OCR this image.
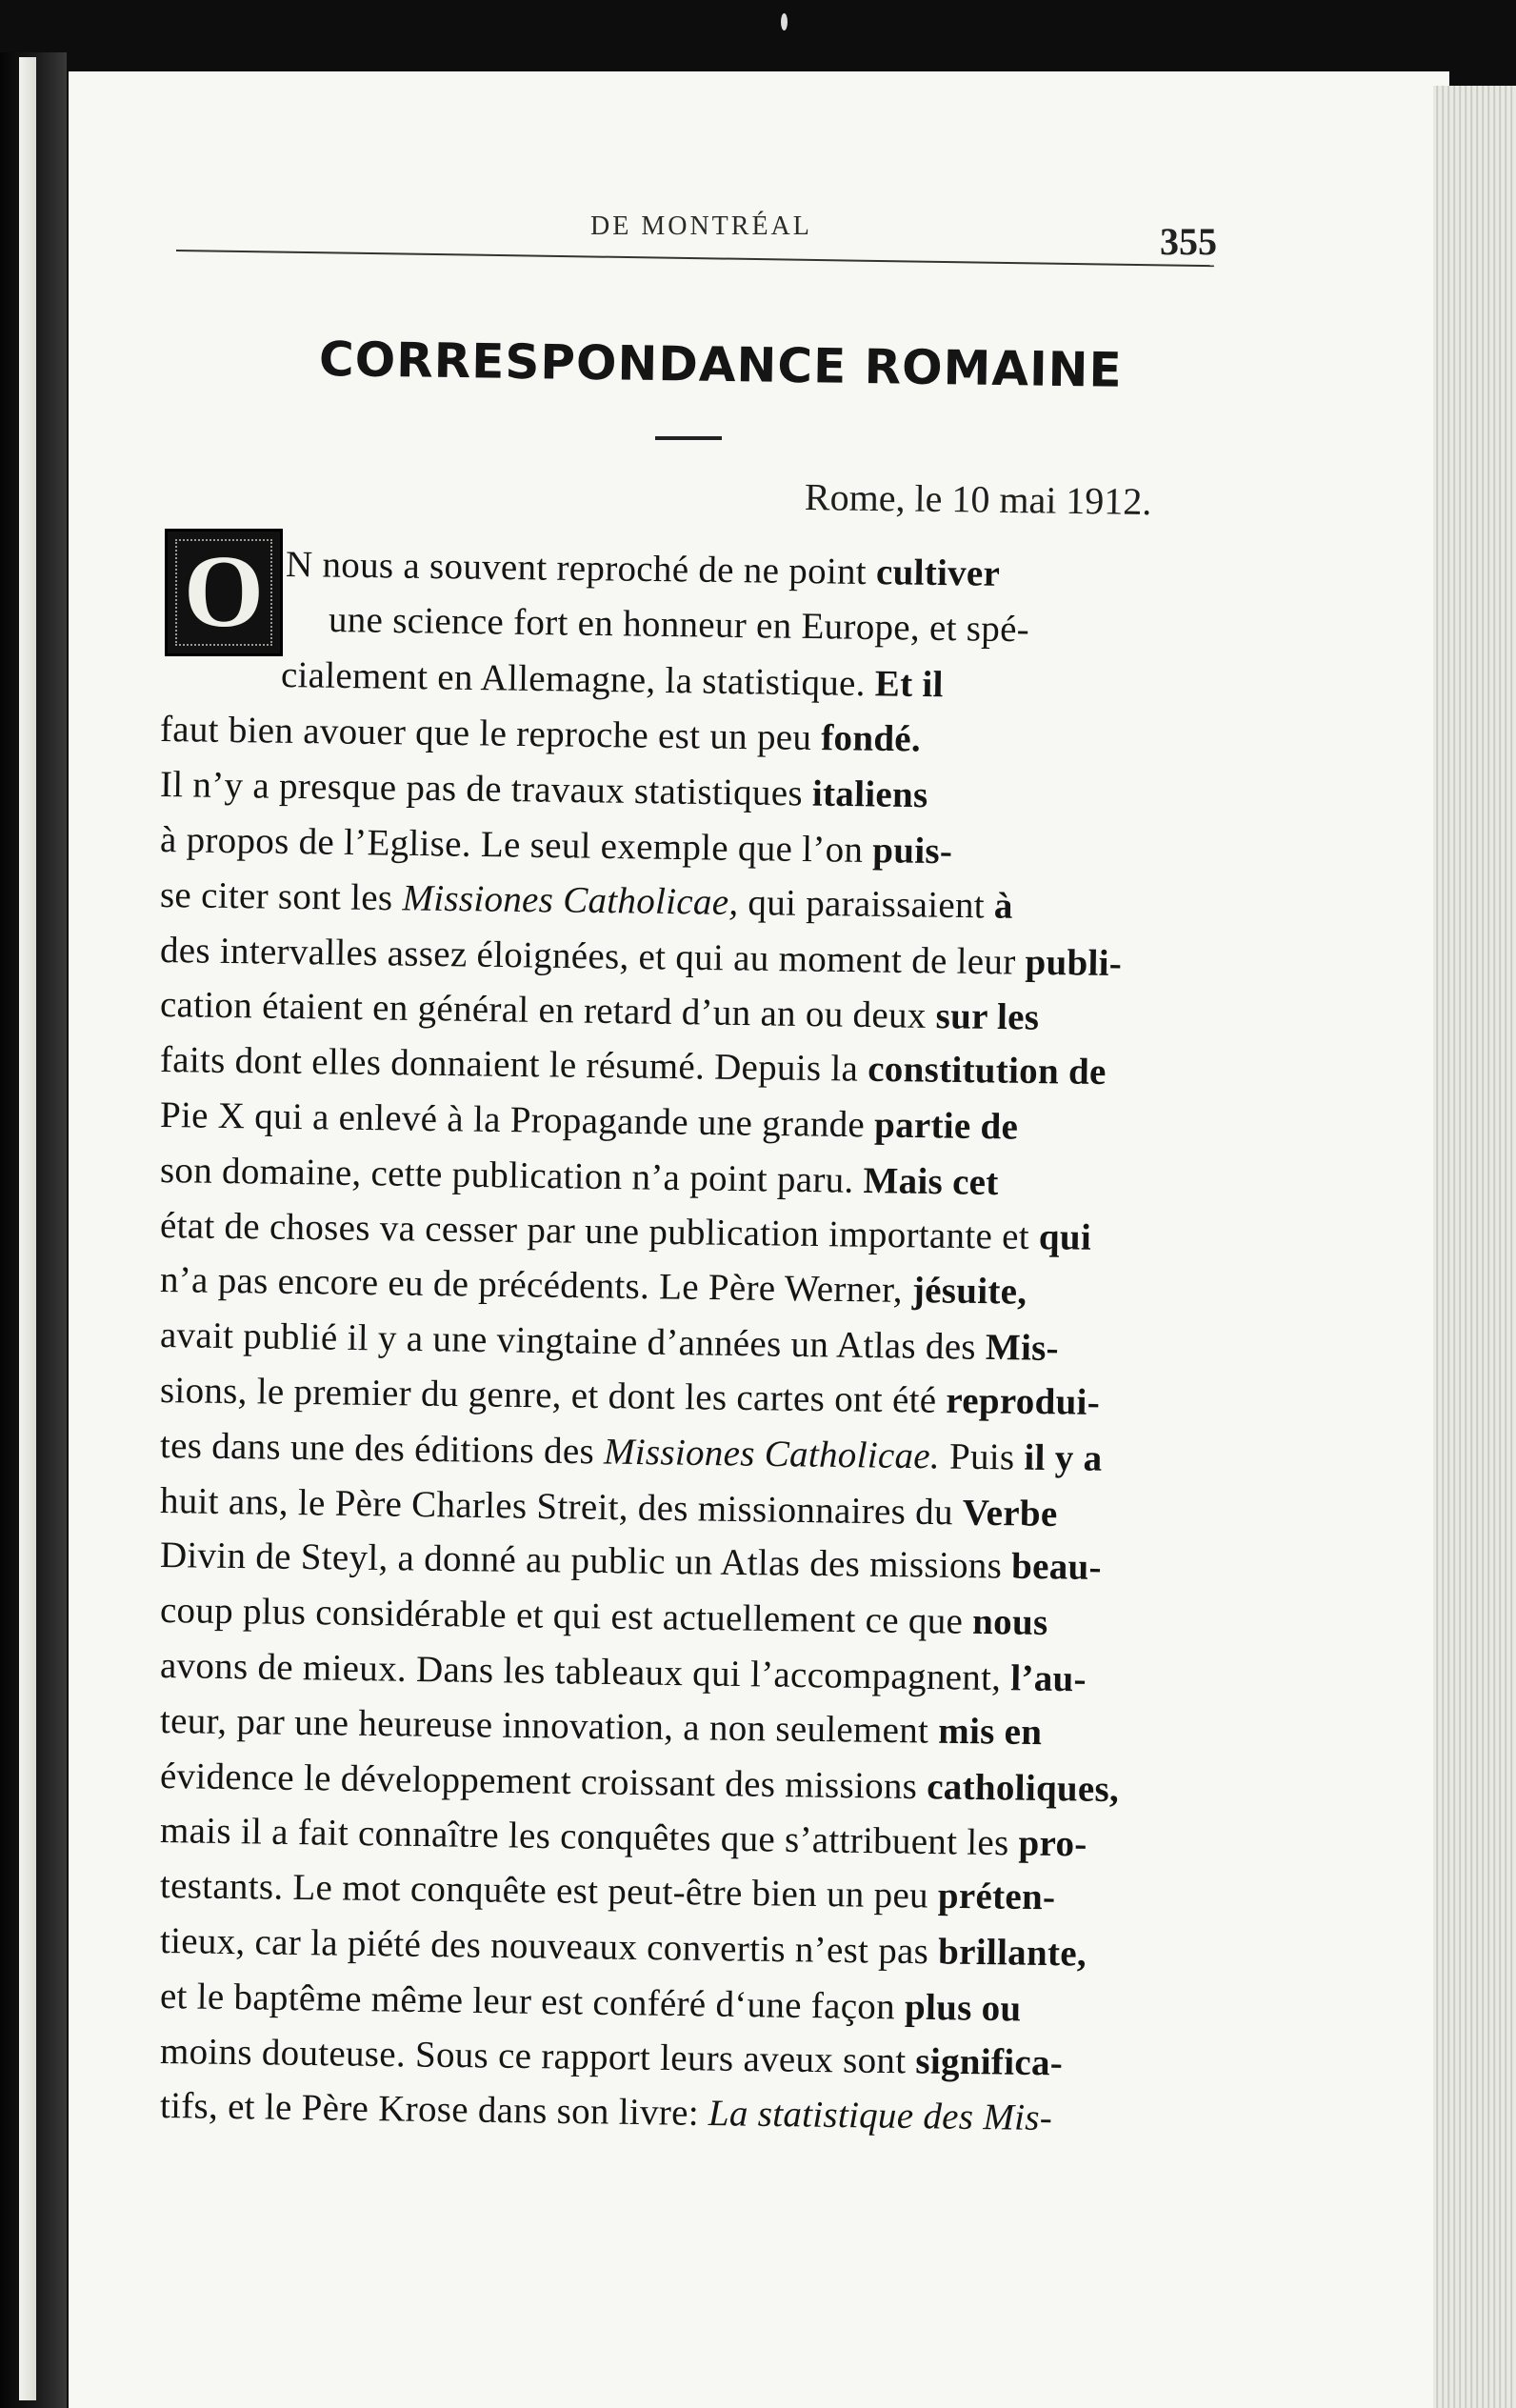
DE MONTRÉAL	355
CORRESPONDANCE ROMAINE
Rome, le 10 mai 1912.
O N nous a souvent reproché de ne point cultiver
une science fort en honneur en Europe, et spé-
cialement en Allemagne, la statistique. Et il
faut bien avouer que le reproche est un peu fondé.
Il n’y a presque pas de travaux statistiques italiens
à propos de l’Eglise. Le seul exemple que l’on puis-
se citer sont les Missiones Catholicae, qui paraissaient à
des intervalles assez éloignées, et qui au moment de leur publi-
cation étaient en général en retard d’un an ou deux sur les
faits dont elles donnaient le résumé. Depuis la constitution de
Pie X qui a enlevé à la Propagande une grande partie de
son domaine, cette publication n’a point paru. Mais cet
état de choses va cesser par une publication importante et qui
n’a pas encore eu de précédents. Le Père Werner, jésuite,
avait publié il y a une vingtaine d’années un Atlas des Mis-
sions, le premier du genre, et dont les cartes ont été reprodui-
tes dans une des éditions des Missiones Catholicae. Puis il y a
huit ans, le Père Charles Streit, des missionnaires du Verbe
Divin de Steyl, a donné au public un Atlas des missions beau-
coup plus considérable et qui est actuellement ce que nous
avons de mieux. Dans les tableaux qui l’accompagnent, l’au-
teur, par une heureuse innovation, a non seulement mis en
évidence le développement croissant des missions catholiques,
mais il a fait connaître les conquêtes que s’attribuent les pro-
testants. Le mot conquête est peut-être bien un peu préten-
tieux, car la piété des nouveaux convertis n’est pas brillante,
et le baptême même leur est conféré d‘une façon plus ou
moins douteuse. Sous ce rapport leurs aveux sont significa-
tifs, et le Père Krose dans son livre: La statistique des Mis-
